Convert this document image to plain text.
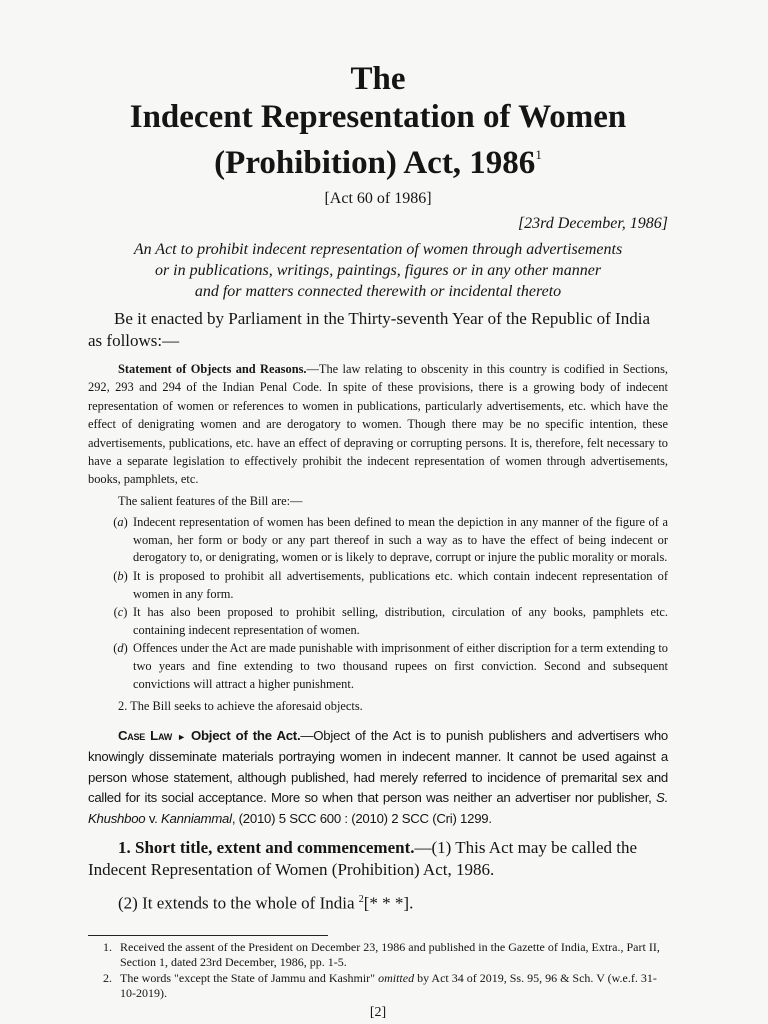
The
Indecent Representation of Women
(Prohibition) Act, 1986$^1$
[Act 60 of 1986]
[23rd December, 1986]
An Act to prohibit indecent representation of women through advertisements
or in publications, writings, paintings, figures or in any other manner
and for matters connected therewith or incidental thereto
Be it enacted by Parliament in the Thirty-seventh Year of the Republic of India as follows:—
Statement of Objects and Reasons.—The law relating to obscenity in this country is codified in Sections, 292, 293 and 294 of the Indian Penal Code. In spite of these provisions, there is a growing body of indecent representation of women or references to women in publications, particularly advertisements, etc. which have the effect of denigrating women and are derogatory to women. Though there may be no specific intention, these advertisements, publications, etc. have an effect of depraving or corrupting persons. It is, therefore, felt necessary to have a separate legislation to effectively prohibit the indecent representation of women through advertisements, books, pamphlets, etc.
The salient features of the Bill are:—
(a) Indecent representation of women has been defined to mean the depiction in any manner of the figure of a woman, her form or body or any part thereof in such a way as to have the effect of being indecent or derogatory to, or denigrating, women or is likely to deprave, corrupt or injure the public morality or morals.
(b) It is proposed to prohibit all advertisements, publications etc. which contain indecent representation of women in any form.
(c) It has also been proposed to prohibit selling, distribution, circulation of any books, pamphlets etc. containing indecent representation of women.
(d) Offences under the Act are made punishable with imprisonment of either discription for a term extending to two years and fine extending to two thousand rupees on first conviction. Second and subsequent convictions will attract a higher punishment.
2. The Bill seeks to achieve the aforesaid objects.
Case Law ► Object of the Act.—Object of the Act is to punish publishers and advertisers who knowingly disseminate materials portraying women in indecent manner. It cannot be used against a person whose statement, although published, had merely referred to incidence of premarital sex and called for its social acceptance. More so when that person was neither an advertiser nor publisher, S. Khushboo v. Kanniammal, (2010) 5 SCC 600 : (2010) 2 SCC (Cri) 1299.
1. Short title, extent and commencement.—(1) This Act may be called the Indecent Representation of Women (Prohibition) Act, 1986.
(2) It extends to the whole of India $^2$[* * *].
1. Received the assent of the President on December 23, 1986 and published in the Gazette of India, Extra., Part II, Section 1, dated 23rd December, 1986, pp. 1-5.
2. The words "except the State of Jammu and Kashmir" omitted by Act 34 of 2019, Ss. 95, 96 & Sch. V (w.e.f. 31-10-2019).
[2]
